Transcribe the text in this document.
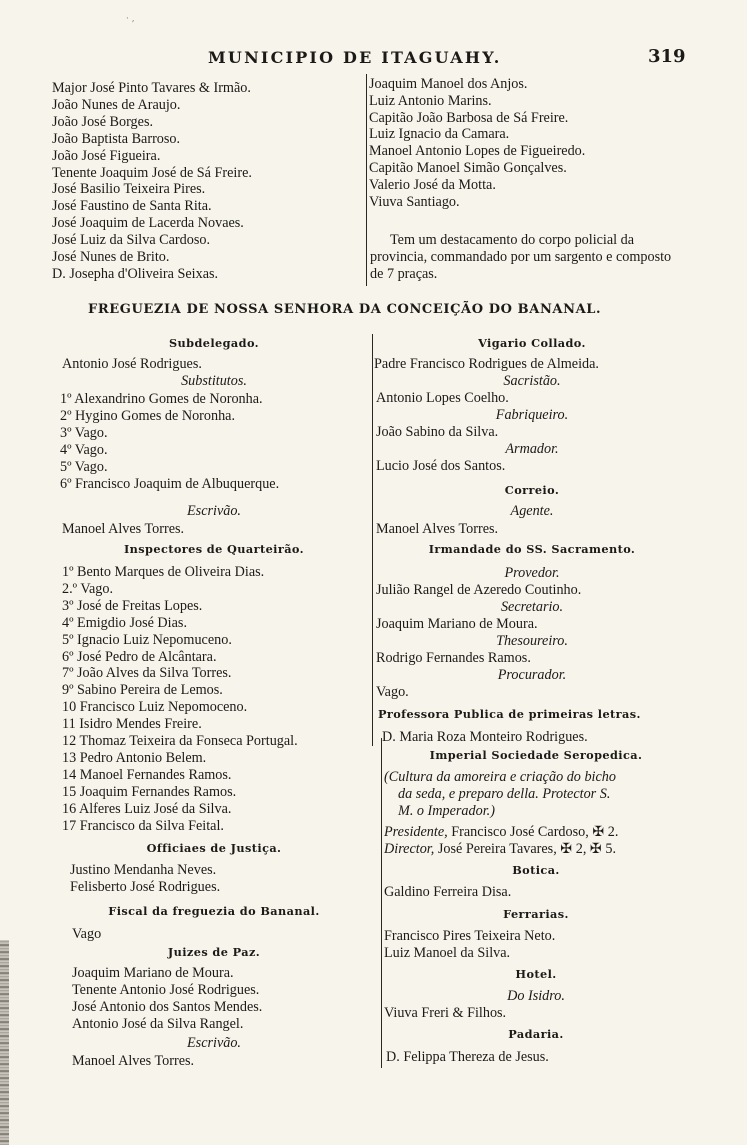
· ,
MUNICIPIO DE ITAGUAHY.	319
Major José Pinto Tavares & Irmão.
João Nunes de Araujo.
João José Borges.
João Baptista Barroso.
João José Figueira.
Tenente Joaquim José de Sá Freire.
José Basilio Teixeira Pires.
José Faustino de Santa Rita.
José Joaquim de Lacerda Novaes.
José Luiz da Silva Cardoso.
José Nunes de Brito.
D. Josepha d'Oliveira Seixas.
Joaquim Manoel dos Anjos.
Luiz Antonio Marins.
Capitão João Barbosa de Sá Freire.
Luiz Ignacio da Camara.
Manoel Antonio Lopes de Figueiredo.
Capitão Manoel Simão Gonçalves.
Valerio José da Motta.
Viuva Santiago.
Tem um destacamento do corpo policial da provincia, commandado por um sargento e composto de 7 praças.
FREGUEZIA DE NOSSA SENHORA DA CONCEIÇÃO DO BANANAL.
Subdelegado.
Antonio José Rodrigues.
Substitutos.
1º Alexandrino Gomes de Noronha.
2º Hygino Gomes de Noronha.
3º Vago.
4º Vago.
5º Vago.
6º Francisco Joaquim de Albuquerque.
Escrivão.
Manoel Alves Torres.
Inspectores de Quarteirão.
1º Bento Marques de Oliveira Dias.
2.º Vago.
3º José de Freitas Lopes.
4º Emigdio José Dias.
5º Ignacio Luiz Nepomuceno.
6º José Pedro de Alcântara.
7º João Alves da Silva Torres.
9º Sabino Pereira de Lemos.
10 Francisco Luiz Nepomoceno.
11 Isidro Mendes Freire.
12 Thomaz Teixeira da Fonseca Portugal.
13 Pedro Antonio Belem.
14 Manoel Fernandes Ramos.
15 Joaquim Fernandes Ramos.
16 Alferes Luiz José da Silva.
17 Francisco da Silva Feital.
Officiaes de Justiça.
Justino Mendanha Neves.
Felisberto José Rodrigues.
Fiscal da freguezia do Bananal.
Vago
Juizes de Paz.
Joaquim Mariano de Moura.
Tenente Antonio José Rodrigues.
José Antonio dos Santos Mendes.
Antonio José da Silva Rangel.
Escrivão.
Manoel Alves Torres.
Vigario Collado.
Padre Francisco Rodrigues de Almeida.
Sacristão.
Antonio Lopes Coelho.
Fabriqueiro.
João Sabino da Silva.
Armador.
Lucio José dos Santos.
Correio.
Agente.
Manoel Alves Torres.
Irmandade do SS. Sacramento.
Provedor.
Julião Rangel de Azeredo Coutinho.
Secretario.
Joaquim Mariano de Moura.
Thesoureiro.
Rodrigo Fernandes Ramos.
Procurador.
Vago.
Professora Publica de primeiras letras.
D. Maria Roza Monteiro Rodrigues.
Imperial Sociedade Seropedica.
(Cultura da amoreira e criação do bicho
da seda, e preparo della. Protector S.
M. o Imperador.)
Presidente, Francisco José Cardoso, ✠ 2.
Director, José Pereira Tavares, ✠ 2, ✠ 5.
Botica.
Galdino Ferreira Disa.
Ferrarias.
Francisco Pires Teixeira Neto.
Luiz Manoel da Silva.
Hotel.
Do Isidro.
Viuva Freri & Filhos.
Padaria.
D. Felippa Thereza de Jesus.
